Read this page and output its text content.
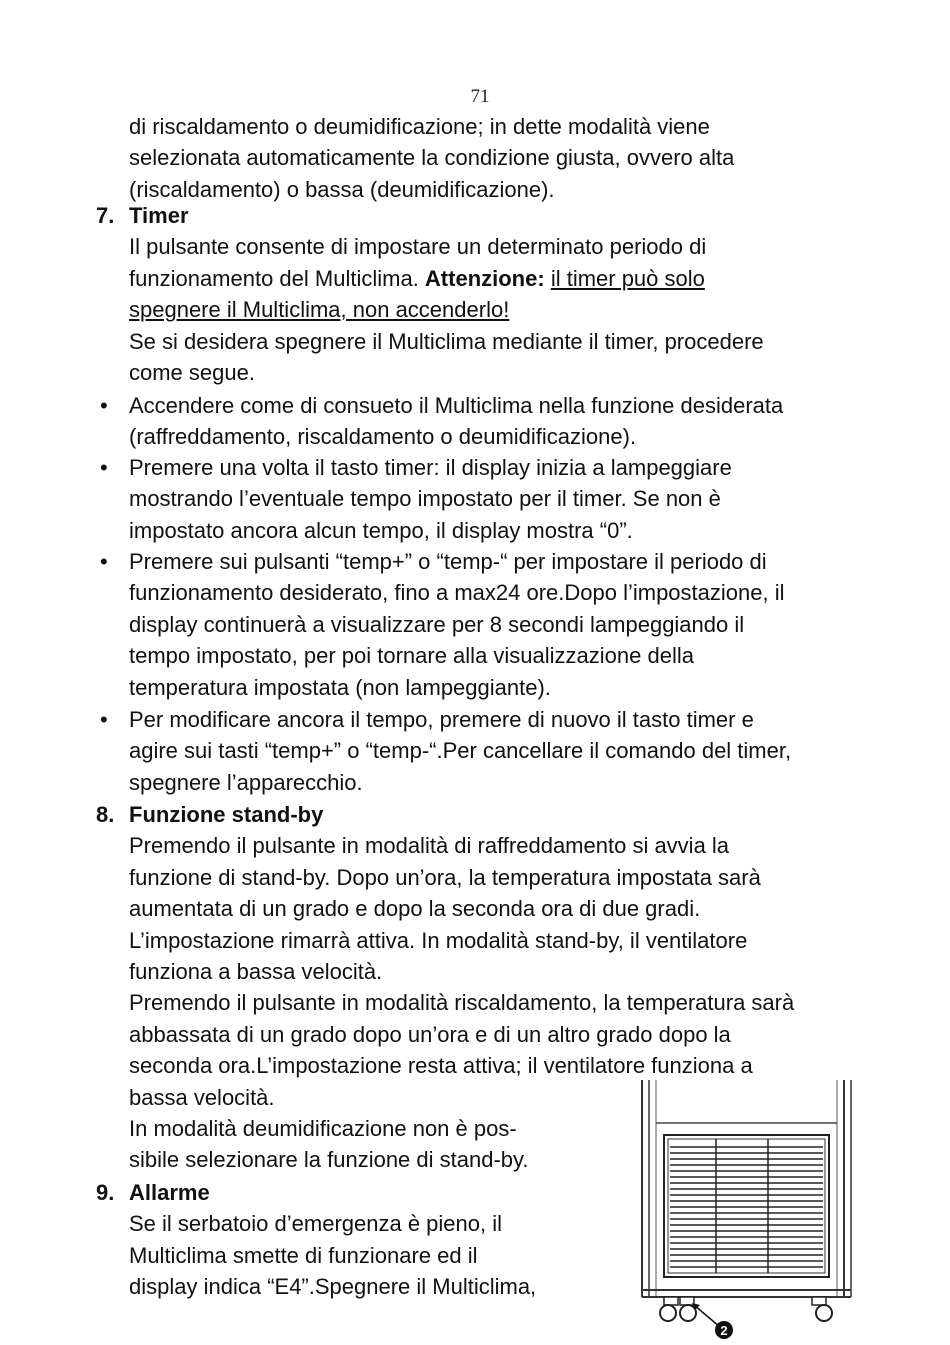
71
di riscaldamento o deumidificazione; in dette modalità viene
selezionata automaticamente la condizione giusta, ovvero alta
(riscaldamento) o bassa (deumidificazione).
7. Timer
Il pulsante consente di impostare un determinato periodo di
funzionamento del Multiclima. Attenzione: il timer può solo
spegnere il Multiclima, non accenderlo!
Se si desidera spegnere il Multiclima mediante il timer, procedere
come segue.
• Accendere come di consueto il Multiclima nella funzione desiderata
(raffreddamento, riscaldamento o deumidificazione).
• Premere una volta il tasto timer: il display inizia a lampeggiare
mostrando l’eventuale tempo impostato per il timer. Se non è
impostato ancora alcun tempo, il display mostra “0”.
• Premere sui pulsanti “temp+” o “temp-“ per impostare il periodo di
funzionamento desiderato, fino a max24 ore.Dopo l’impostazione, il
display continuerà a visualizzare per 8 secondi lampeggiando il
tempo impostato, per poi tornare alla visualizzazione della
temperatura impostata (non lampeggiante).
• Per modificare ancora il tempo, premere di nuovo il tasto timer e
agire sui tasti “temp+” o “temp-“.Per cancellare il comando del timer,
spegnere l’apparecchio.
8. Funzione stand-by
Premendo il pulsante in modalità di raffreddamento si avvia la
funzione di stand-by. Dopo un’ora, la temperatura impostata sarà
aumentata di un grado e dopo la seconda ora di due gradi.
L’impostazione rimarrà attiva. In modalità stand-by, il ventilatore
funziona a bassa velocità.
Premendo il pulsante in modalità riscaldamento, la temperatura sarà
abbassata di un grado dopo un’ora e di un altro grado dopo la
seconda ora.L’impostazione resta attiva; il ventilatore funziona a
bassa velocità.
In modalità deumidificazione non è pos-
sibile selezionare la funzione di stand-by.
9. Allarme
Se il serbatoio d’emergenza è pieno, il
Multiclima smette di funzionare ed il
display indica “E4”.Spegnere il Multiclima,
2
